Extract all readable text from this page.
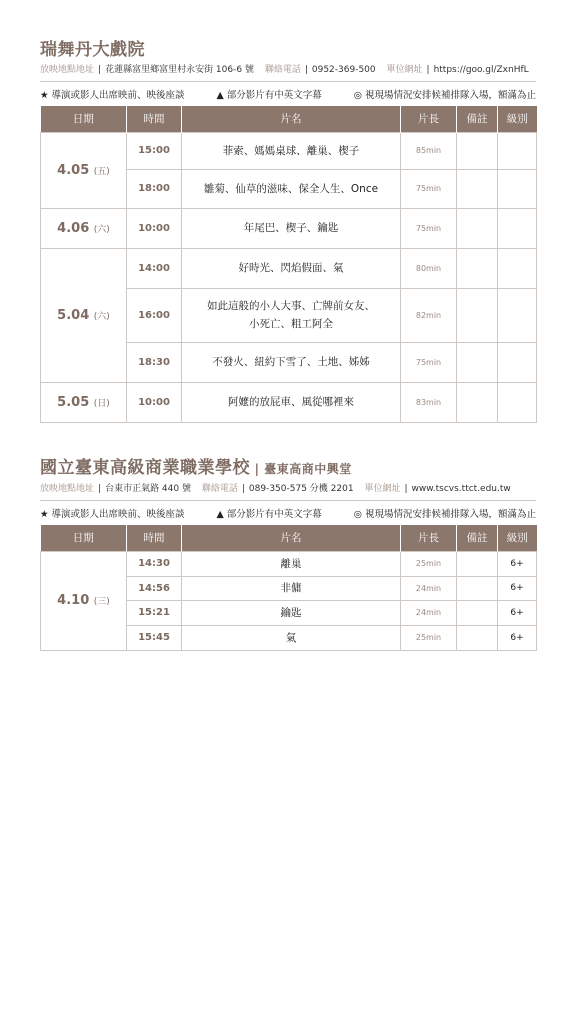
瑞舞丹大戲院
放映地點地址 | 花蓮縣富里鄉富里村永安街 106-6 號 聯絡電話 | 0952-369-500 單位網址 | https://goo.gl/ZxnHfL
★ 導演或影人出席映前、映後座談	▲ 部分影片有中英文字幕	◎ 視現場情況安排候補排隊入場，額滿為止
日期	時間	片名	片長	備註	級別
4.05 (五)	15:00	菲索、媽媽桌球、離巢、楔子	85min		
	18:00	雛菊、仙草的滋味、保全人生、Once	75min		
4.06 (六)	10:00	年尾巴、楔子、鑰匙	75min		
5.04 (六)	14:00	好時光、閃焰假面、氣	80min		
	16:00	如此這般的小人大事、亡牌前女友、
小死亡、粗工阿全	82min		
	18:30	不發火、紐約下雪了、土地、姊姊	75min		
5.05 (日)	10:00	阿嬤的放屁車、風從哪裡來	83min		
國立臺東高級商業職業學校 | 臺東高商中興堂
放映地點地址 | 台東市正氣路 440 號 聯絡電話 | 089-350-575 分機 2201 單位網址 | www.tscvs.ttct.edu.tw
★ 導演或影人出席映前、映後座談	▲ 部分影片有中英文字幕	◎ 視現場情況安排候補排隊入場，額滿為止
日期	時間	片名	片長	備註	級別
4.10 (三)	14:30	離巢	25min		6+
	14:56	非傭	24min		6+
	15:21	鑰匙	24min		6+
	15:45	氣	25min		6+
